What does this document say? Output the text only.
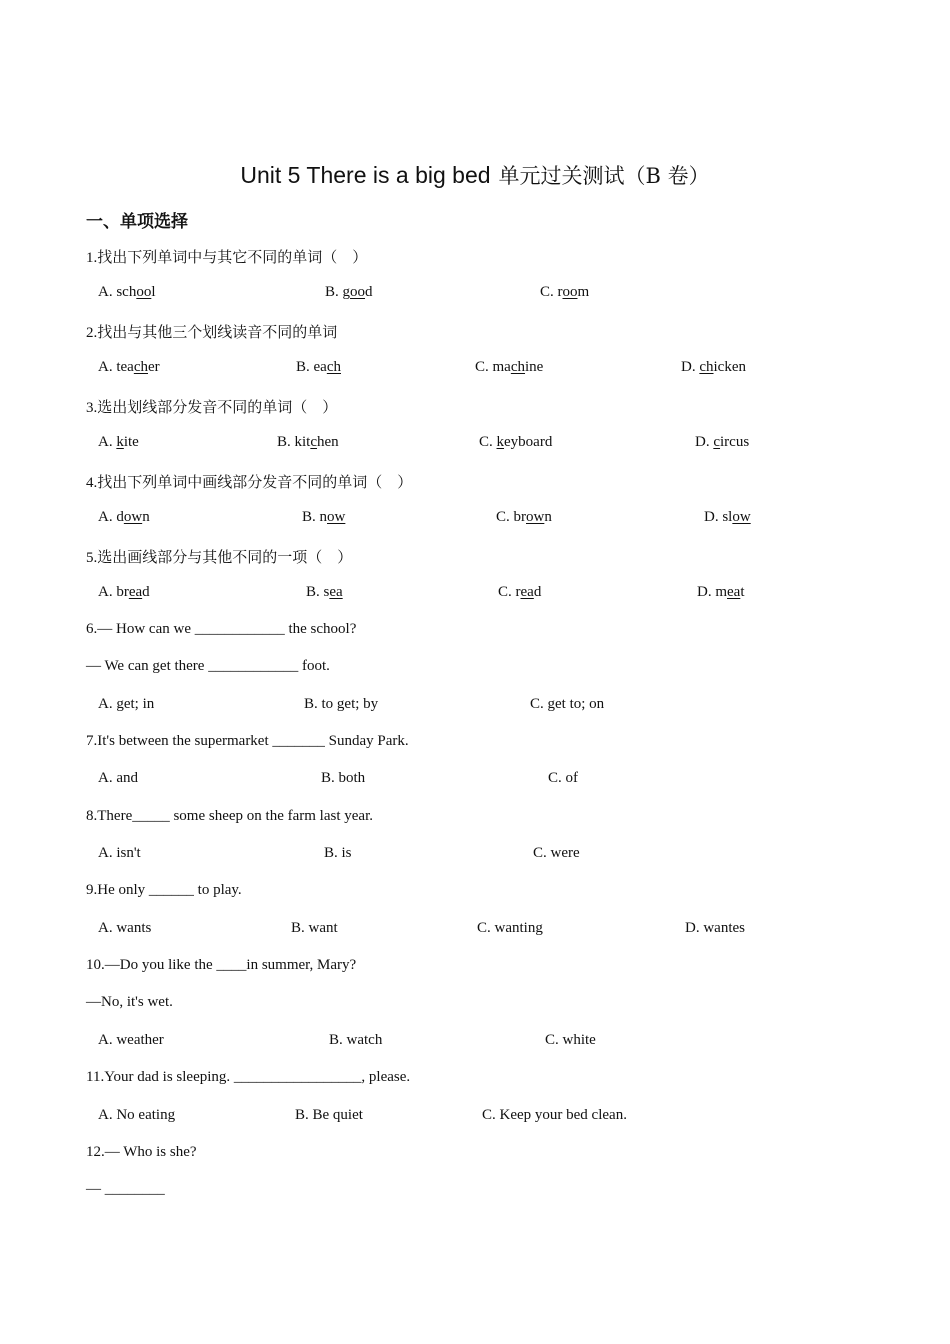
Unit 5 There is a big bed 单元过关测试（B 卷）
一、单项选择
1.找出下列单词中与其它不同的单词（　）
A. school	B. good	C. room
2.找出与其他三个划线读音不同的单词
A. teacher	B. each	C. machine	D. chicken
3.选出划线部分发音不同的单词（　）
A. kite	B. kitchen	C. keyboard	D. circus
4.找出下列单词中画线部分发音不同的单词（　）
A. down	B. now	C. brown	D. slow
5.选出画线部分与其他不同的一项（　）
A. bread	B. sea	C. read	D. meat
6.— How can we ____________ the school?
— We can get there ____________ foot.
A. get; in	B. to get; by	C. get to; on
7.It's between the supermarket _______ Sunday Park.
A. and	B. both	C. of
8.There_____ some sheep on the farm last year.
A. isn't	B. is	C. were
9.He only ______ to play.
A. wants	B. want	C. wanting	D. wantes
10.—Do you like the ____in summer, Mary?
—No, it's wet.
A. weather	B. watch	C. white
11.Your dad is sleeping. _________________, please.
A. No eating	B. Be quiet	C. Keep your bed clean.
12.— Who is she?
— ________
